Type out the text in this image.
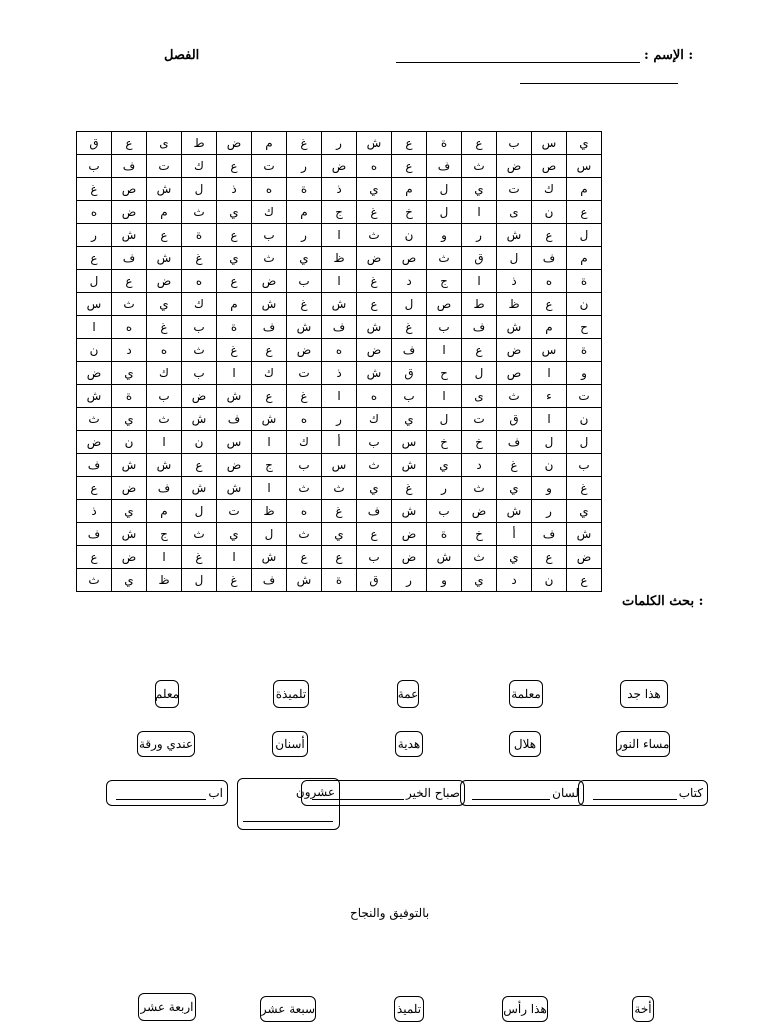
الفصل	: الإسم :
ي	س	ب	ع	ة	ع	ش	ر	غ	م	ض	ط	ى	ع	ق
س	ص	ض	ث	ف	ع	ه	ض	ر	ت	ع	ك	ت	ف	ب
م	ك	ت	ي	ل	م	ي	ذ	ة	ه	ذ	ل	ش	ص	غ
ع	ن	ى	ا	ل	خ	غ	ج	م	ك	ي	ث	م	ض	ه
ل	ع	ش	ر	و	ن	ث	ا	ر	ب	ع	ة	ع	ش	ر
م	ف	ل	ق	ث	ص	ض	ظ	ي	ث	ي	غ	ش	ف	ع
ة	ه	ذ	ا	ج	د	غ	ا	ب	ض	ع	ه	ض	ع	ل
ن	ع	ظ	ط	ص	ل	ع	ش	غ	ش	م	ك	ي	ث	س
ح	م	ش	ف	ب	غ	ش	ف	ش	ف	ة	ب	غ	ه	ا
ة	س	ض	ع	ا	ف	ض	ه	ض	ع	غ	ث	ه	د	ن
و	ا	ص	ل	ح	ق	ش	ذ	ت	ك	ا	ب	ك	ي	ض
ت	ء	ث	ى	ا	ب	ه	ا	غ	ع	ش	ض	ب	ة	ش
ن	ا	ق	ت	ل	ي	ك	ر	ه	ش	ف	ش	ث	ي	ث
ل	ل	ف	خ	خ	س	ب	أ	ك	ا	س	ن	ا	ن	ض
ب	ن	غ	د	ي	ش	ث	س	ب	ج	ض	ع	ش	ش	ف
غ	و	ي	ث	ر	غ	ي	ث	ث	ا	ش	ش	ف	ض	ع
ي	ر	ش	ض	ب	ش	ف	غ	ه	ظ	ت	ل	م	ي	ذ
ش	ف	أ	خ	ة	ض	ع	ي	ث	ل	ي	ث	ج	ش	ف
ض	ع	ي	ث	ش	ض	ب	ع	ع	ش	ا	غ	ا	ض	ع
ع	ن	د	ي	و	ر	ق	ة	ش	ف	غ	ل	ظ	ي	ث
: بحث الكلمات
هذا جد
معلمة
عمة
تلميذة
معلم
مساء النور
هلال
هدية
أسنان
عندي ورقة
كتاب
لسان
صباح الخير
عشرون
اب
بالتوفيق والنجاح
أخة
هذا رأس
تلميذ
سبعة عشر
اربعة عشر
